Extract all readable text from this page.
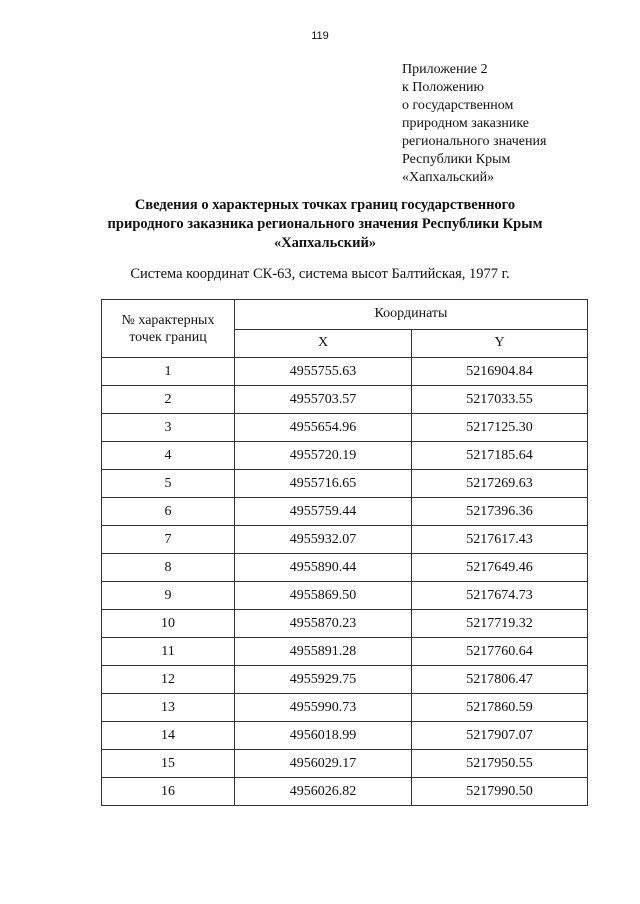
119
Приложение 2
к Положению
о государственном
природном заказнике
регионального значения
Республики Крым
«Хапхальский»
Сведения о характерных точках границ государственного
природного заказника регионального значения Республики Крым
«Хапхальский»
Система координат СК-63, система высот Балтийская, 1977 г.
№ характерных
точек границ	Координаты	
	X	Y
1	4955755.63	5216904.84
2	4955703.57	5217033.55
3	4955654.96	5217125.30
4	4955720.19	5217185.64
5	4955716.65	5217269.63
6	4955759.44	5217396.36
7	4955932.07	5217617.43
8	4955890.44	5217649.46
9	4955869.50	5217674.73
10	4955870.23	5217719.32
11	4955891.28	5217760.64
12	4955929.75	5217806.47
13	4955990.73	5217860.59
14	4956018.99	5217907.07
15	4956029.17	5217950.55
16	4956026.82	5217990.50
